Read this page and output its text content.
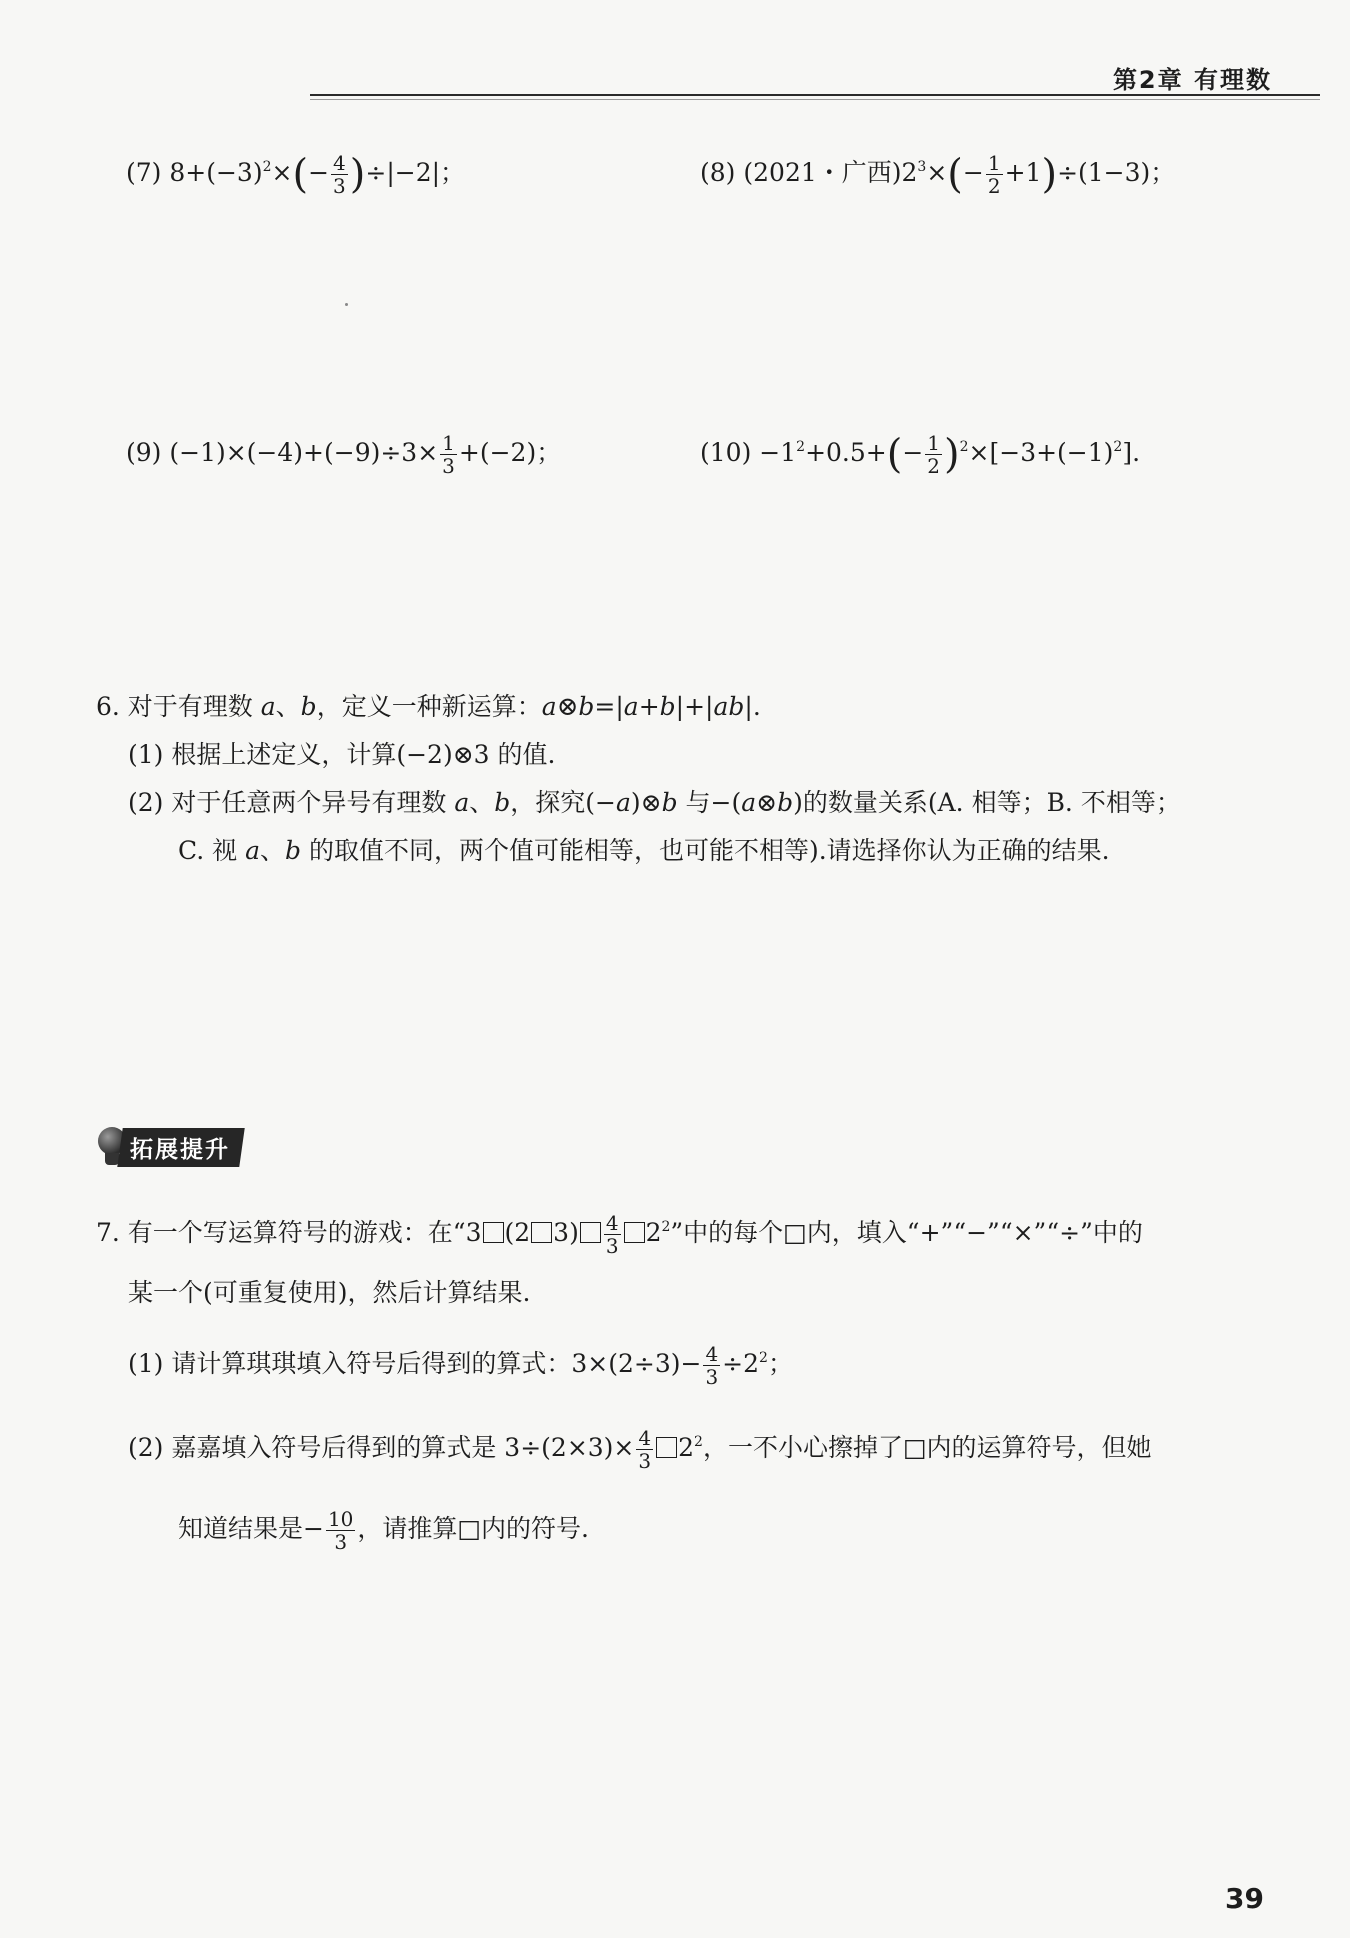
第2章 有理数
(7) $8+(-3)^2\times(- \frac{4}{3} )\div|-2|$；	(8) (2021・广西)$2^3\times(- \frac{1}{2} +1)\div(1-3)$；
(9) $(-1)\times(-4)+(-9)\div 3\times \frac{1}{3} +(-2)$；	$(10) -1^2+0.5+(- \frac{1}{2} )^2\times[-3+(-1)^2]$.
6. 对于有理数 a、b，定义一种新运算：a⊗b=|a+b|+|ab|.
(1) 根据上述定义，计算(−2)⊗3 的值.
(2) 对于任意两个异号有理数 a、b，探究(−a)⊗b 与−(a⊗b)的数量关系(A. 相等；B. 不相等；
C. 视 a、b 的取值不同，两个值可能相等，也可能不相等).请选择你认为正确的结果.
拓展提升
7. 有一个写运算符号的游戏：在“3 (2 $3) \frac{4}{3} 2^2$”中的每个□内，填入“+”“−”“×”“÷”中的
某一个(可重复使用)，然后计算结果.
(1) 请计算琪琪填入符号后得到的算式：$3\times(2\div 3)- \frac{4}{3} \div 2^2$；
(2) 嘉嘉填入符号后得到的算式是 $3\div(2\times 3)\times \frac{4}{3} 2^2$，一不小心擦掉了□内的运算符号，但她
知道结果是− $\frac{10}{3}$ ，请推算□内的符号.
39
